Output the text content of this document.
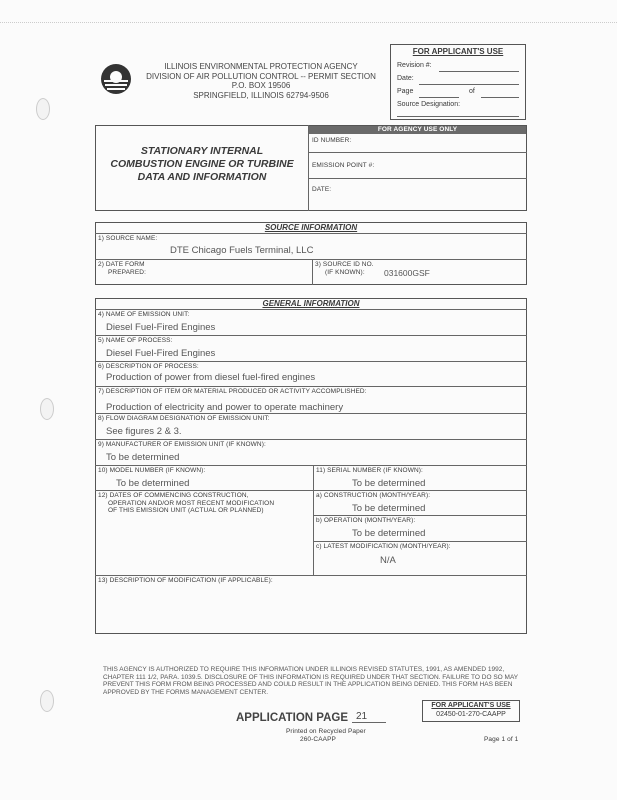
ILLINOIS ENVIRONMENTAL PROTECTION AGENCY
DIVISION OF AIR POLLUTION CONTROL -- PERMIT SECTION
P.O. BOX 19506
SPRINGFIELD, ILLINOIS 62794-9506
FOR APPLICANT'S USE
Revision #:
Date:
Page	of
Source Designation:
STATIONARY INTERNAL
COMBUSTION ENGINE OR TURBINE
DATA AND INFORMATION
FOR AGENCY USE ONLY
ID NUMBER:
EMISSION POINT #:
DATE:
SOURCE INFORMATION
1) SOURCE NAME:
DTE Chicago Fuels Terminal, LLC
2) DATE FORM
PREPARED:
3) SOURCE ID NO.
(IF KNOWN):	031600GSF
GENERAL INFORMATION
4) NAME OF EMISSION UNIT:
Diesel Fuel-Fired Engines
5) NAME OF PROCESS:
Diesel Fuel-Fired Engines
6) DESCRIPTION OF PROCESS:
Production of power from diesel fuel-fired engines
7) DESCRIPTION OF ITEM OR MATERIAL PRODUCED OR ACTIVITY ACCOMPLISHED:
Production of electricity and power to operate machinery
8) FLOW DIAGRAM DESIGNATION OF EMISSION UNIT:
See figures 2 & 3.
9) MANUFACTURER OF EMISSION UNIT (IF KNOWN):
To be determined
10) MODEL NUMBER (IF KNOWN):
To be determined
11) SERIAL NUMBER (IF KNOWN):
To be determined
12) DATES OF COMMENCING CONSTRUCTION,
OPERATION AND/OR MOST RECENT MODIFICATION
OF THIS EMISSION UNIT (ACTUAL OR PLANNED)
a) CONSTRUCTION (MONTH/YEAR):
To be determined
b) OPERATION (MONTH/YEAR):
To be determined
c) LATEST MODIFICATION (MONTH/YEAR):
N/A
13) DESCRIPTION OF MODIFICATION (IF APPLICABLE):
THIS AGENCY IS AUTHORIZED TO REQUIRE THIS INFORMATION UNDER ILLINOIS REVISED STATUTES, 1991, AS AMENDED 1992,
CHAPTER 111 1/2, PARA. 1039.5. DISCLOSURE OF THIS INFORMATION IS REQUIRED UNDER THAT SECTION. FAILURE TO DO SO MAY
PREVENT THIS FORM FROM BEING PROCESSED AND COULD RESULT IN THE APPLICATION BEING DENIED. THIS FORM HAS BEEN
APPROVED BY THE FORMS MANAGEMENT CENTER.
APPLICATION PAGE 21
Printed on Recycled Paper
260-CAAPP
FOR APPLICANT'S USE
02450-01-270-CAAPP
Page 1 of 1
